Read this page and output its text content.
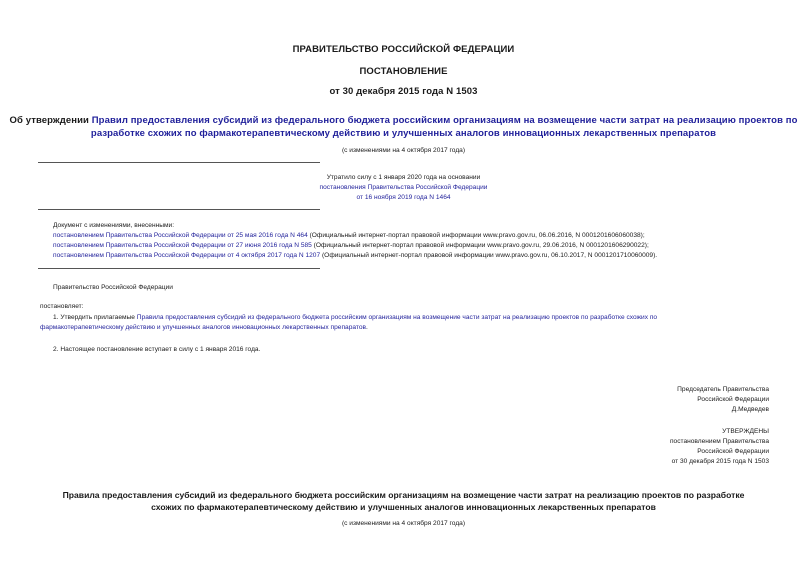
ПРАВИТЕЛЬСТВО РОССИЙСКОЙ ФЕДЕРАЦИИ
ПОСТАНОВЛЕНИЕ
от 30 декабря 2015 года N 1503
Об утверждении Правил предоставления субсидий из федерального бюджета российским организациям на возмещение части затрат на реализацию проектов по
разработке схожих по фармакотерапевтическому действию и улучшенных аналогов инновационных лекарственных препаратов
(с изменениями на 4 октября 2017 года)
Утратило силу с 1 января 2020 года на основании
постановления Правительства Российской Федерации
от 16 ноября 2019 года N 1464
Документ с изменениями, внесенными:
постановлением Правительства Российской Федерации от 25 мая 2016 года N 464 (Официальный интернет-портал правовой информации www.pravo.gov.ru, 06.06.2016, N 0001201606060038);
постановлением Правительства Российской Федерации от 27 июня 2016 года N 585 (Официальный интернет-портал правовой информации www.pravo.gov.ru, 29.06.2016, N 0001201606290022);
постановлением Правительства Российской Федерации от 4 октября 2017 года N 1207 (Официальный интернет-портал правовой информации www.pravo.gov.ru, 06.10.2017, N 0001201710060009).
Правительство Российской Федерации
постановляет:
1. Утвердить прилагаемые Правила предоставления субсидий из федерального бюджета российским организациям на возмещение части затрат на реализацию проектов по разработке схожих по
фармакотерапевтическому действию и улучшенных аналогов инновационных лекарственных препаратов.
2. Настоящее постановление вступает в силу с 1 января 2016 года.
Председатель Правительства
Российской Федерации
Д.Медведев
УТВЕРЖДЕНЫ
постановлением Правительства
Российской Федерации
от 30 декабря 2015 года N 1503
Правила предоставления субсидий из федерального бюджета российским организациям на возмещение части затрат на реализацию проектов по разработке
схожих по фармакотерапевтическому действию и улучшенных аналогов инновационных лекарственных препаратов
(с изменениями на 4 октября 2017 года)
